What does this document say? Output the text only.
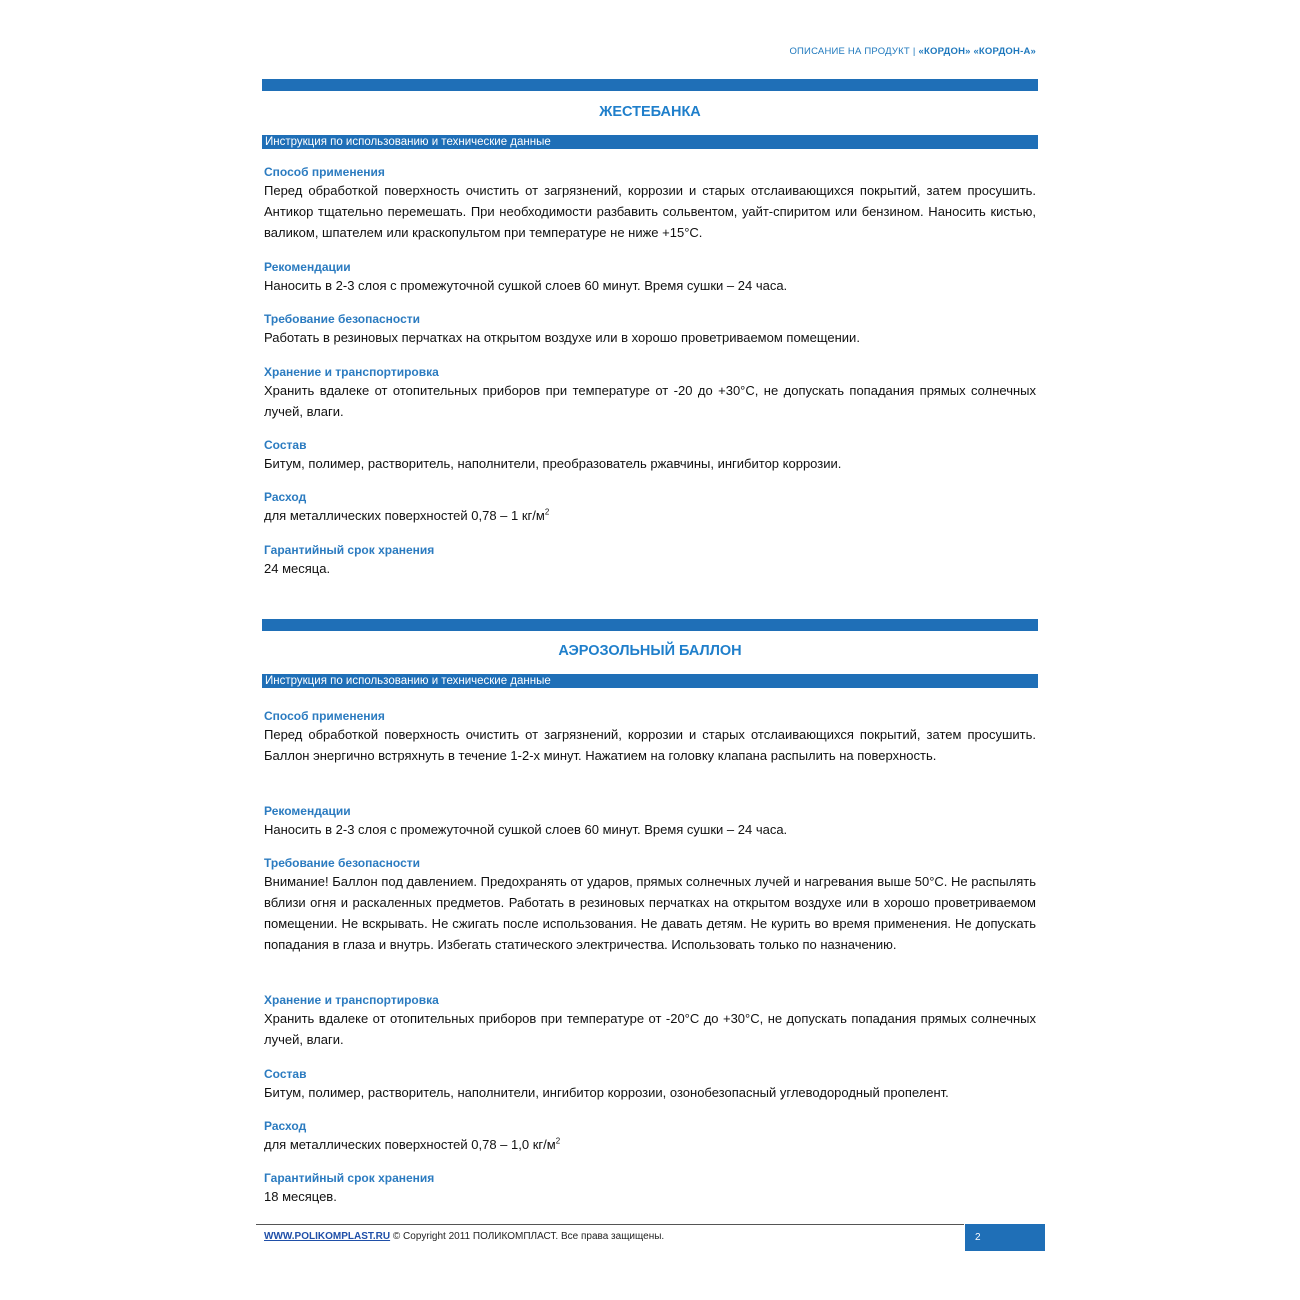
ОПИСАНИЕ НА ПРОДУКТ | «КОРДОН» «КОРДОН-А»
ЖЕСТЕБАНКА
Инструкция по использованию и технические данные
Способ применения
Перед обработкой поверхность очистить от загрязнений, коррозии и старых отслаивающихся покрытий, затем просушить. Антикор тщательно перемешать. При необходимости разбавить сольвентом, уайт-спиритом или бензином. Наносить кистью, валиком, шпателем или краскопультом при температуре не ниже +15°С.
Рекомендации
Наносить в 2-3 слоя с промежуточной сушкой слоев 60 минут. Время сушки – 24 часа.
Требование безопасности
Работать в резиновых перчатках на открытом воздухе или в хорошо проветриваемом помещении.
Хранение и транспортировка
Хранить вдалеке от отопительных приборов при температуре от -20 до +30°С, не допускать попадания прямых солнечных лучей, влаги.
Состав
Битум, полимер, растворитель, наполнители, преобразователь ржавчины, ингибитор коррозии.
Расход
для металлических поверхностей 0,78 – 1 $кг/м^2$
Гарантийный срок хранения
24 месяца.
АЭРОЗОЛЬНЫЙ БАЛЛОН
Инструкция по использованию и технические данные
Способ применения
Перед обработкой поверхность очистить от загрязнений, коррозии и старых отслаивающихся покрытий, затем просушить. Баллон энергично встряхнуть в течение 1-2-х минут. Нажатием на головку клапана распылить на поверхность.
Рекомендации
Наносить в 2-3 слоя с промежуточной сушкой слоев 60 минут. Время сушки – 24 часа.
Требование безопасности
Внимание! Баллон под давлением. Предохранять от ударов, прямых солнечных лучей и нагревания выше 50°С. Не распылять вблизи огня и раскаленных предметов. Работать в резиновых перчатках на открытом воздухе или в хорошо проветриваемом помещении. Не вскрывать. Не сжигать после использования. Не давать детям. Не курить во время применения. Не допускать попадания в глаза и внутрь. Избегать статического электричества. Использовать только по назначению.
Хранение и транспортировка
Хранить вдалеке от отопительных приборов при температуре от -20°С до +30°С, не допускать попадания прямых солнечных лучей, влаги.
Состав
Битум, полимер, растворитель, наполнители, ингибитор коррозии, озонобезопасный углеводородный пропелент.
Расход
для металлических поверхностей 0,78 – 1,0 $кг/м^2$
Гарантийный срок хранения
18 месяцев.
WWW.POLIKOMPLAST.RU © Copyright 2011 ПОЛИКОМПЛАСТ. Все права защищены.	2
